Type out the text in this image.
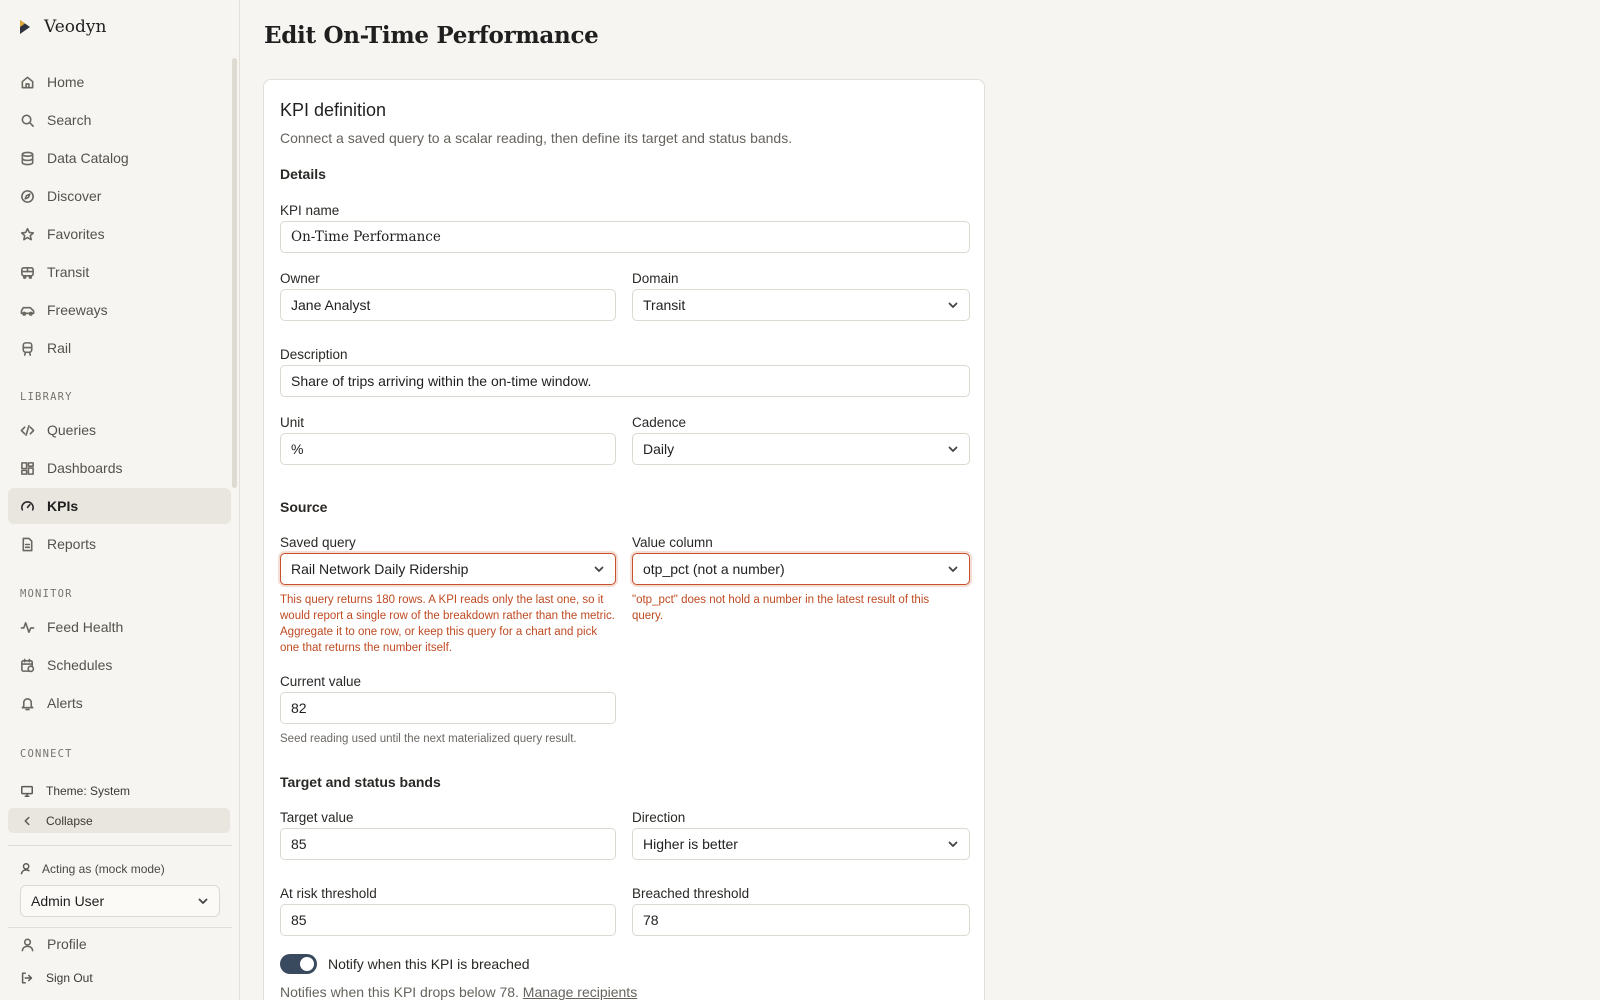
Veodyn
Home
Search
Data Catalog
Discover
Favorites
Transit
Freeways
Rail
LIBRARY
Queries
Dashboards
KPIs
Reports
MONITOR
Feed Health
Schedules
Alerts
CONNECT
Theme: System
Collapse
Acting as (mock mode)
Admin User
Profile
Sign Out
Edit On-Time Performance
KPI definition
Connect a saved query to a scalar reading, then define its target and status bands.
Details
KPI name
On-Time Performance
Owner
Jane Analyst
Domain
Transit
Description
Share of trips arriving within the on-time window.
Unit
%
Cadence
Daily
Source
Saved query
Rail Network Daily Ridership
This query returns 180 rows. A KPI reads only the last one, so it would report a single row of the breakdown rather than the metric. Aggregate it to one row, or keep this query for a chart and pick one that returns the number itself.
Value column
otp_pct (not a number)
"otp_pct" does not hold a number in the latest result of this query.
Current value
82
Seed reading used until the next materialized query result.
Target and status bands
Target value
85
Direction
Higher is better
At risk threshold
85
Breached threshold
78
Notify when this KPI is breached
Notifies when this KPI drops below 78. Manage recipients
